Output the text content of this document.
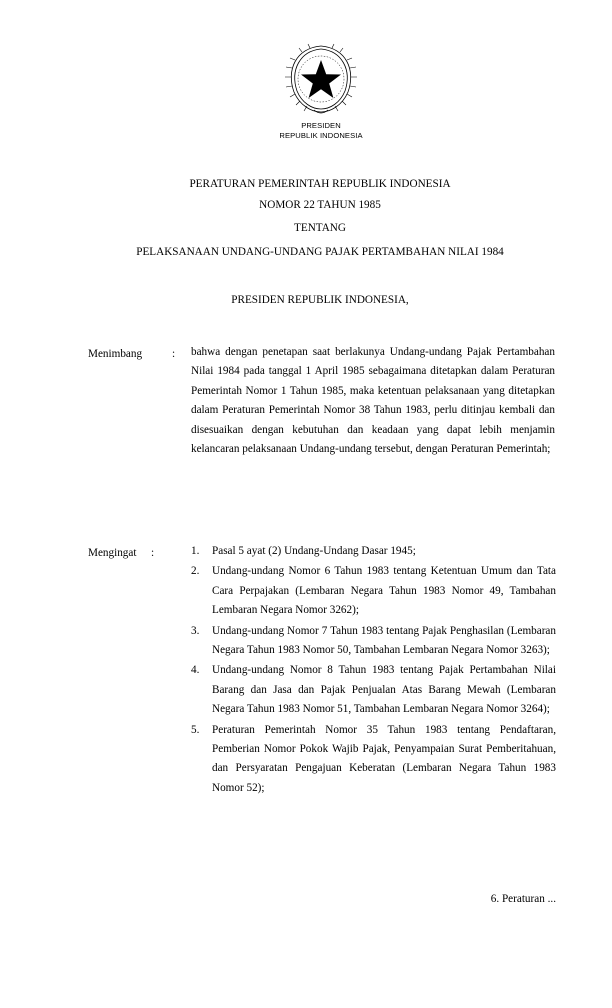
PRESIDEN
REPUBLIK INDONESIA
PERATURAN PEMERINTAH REPUBLIK INDONESIA
NOMOR 22 TAHUN 1985
TENTANG
PELAKSANAAN UNDANG-UNDANG PAJAK PERTAMBAHAN NILAI 1984
PRESIDEN REPUBLIK INDONESIA,
Menimbang	: bahwa dengan penetapan saat berlakunya Undang-undang Pajak Pertambahan Nilai 1984 pada tanggal 1 April 1985 sebagaimana ditetapkan dalam Peraturan Pemerintah Nomor 1 Tahun 1985, maka ketentuan pelaksanaan yang ditetapkan dalam Peraturan Pemerintah Nomor 38 Tahun 1983, perlu ditinjau kembali dan disesuaikan dengan kebutuhan dan keadaan yang dapat lebih menjamin kelancaran pelaksanaan Undang-undang tersebut, dengan Peraturan Pemerintah;

Mengingat :	1. Pasal 5 ayat (2) Undang-Undang Dasar 1945;
2. Undang-undang Nomor 6 Tahun 1983 tentang Ketentuan Umum dan Tata Cara Perpajakan (Lembaran Negara Tahun 1983 Nomor 49, Tambahan Lembaran Negara Nomor 3262);
3. Undang-undang Nomor 7 Tahun 1983 tentang Pajak Penghasilan (Lembaran Negara Tahun 1983 Nomor 50, Tambahan Lembaran Negara Nomor 3263);
4. Undang-undang Nomor 8 Tahun 1983 tentang Pajak Pertambahan Nilai Barang dan Jasa dan Pajak Penjualan Atas Barang Mewah (Lembaran Negara Tahun 1983 Nomor 51, Tambahan Lembaran Negara Nomor 3264);
5. Peraturan Pemerintah Nomor 35 Tahun 1983 tentang Pendaftaran, Pemberian Nomor Pokok Wajib Pajak, Penyampaian Surat Pemberitahuan, dan Persyaratan Pengajuan Keberatan (Lembaran Negara Tahun 1983 Nomor 52);
6. Peraturan ...
